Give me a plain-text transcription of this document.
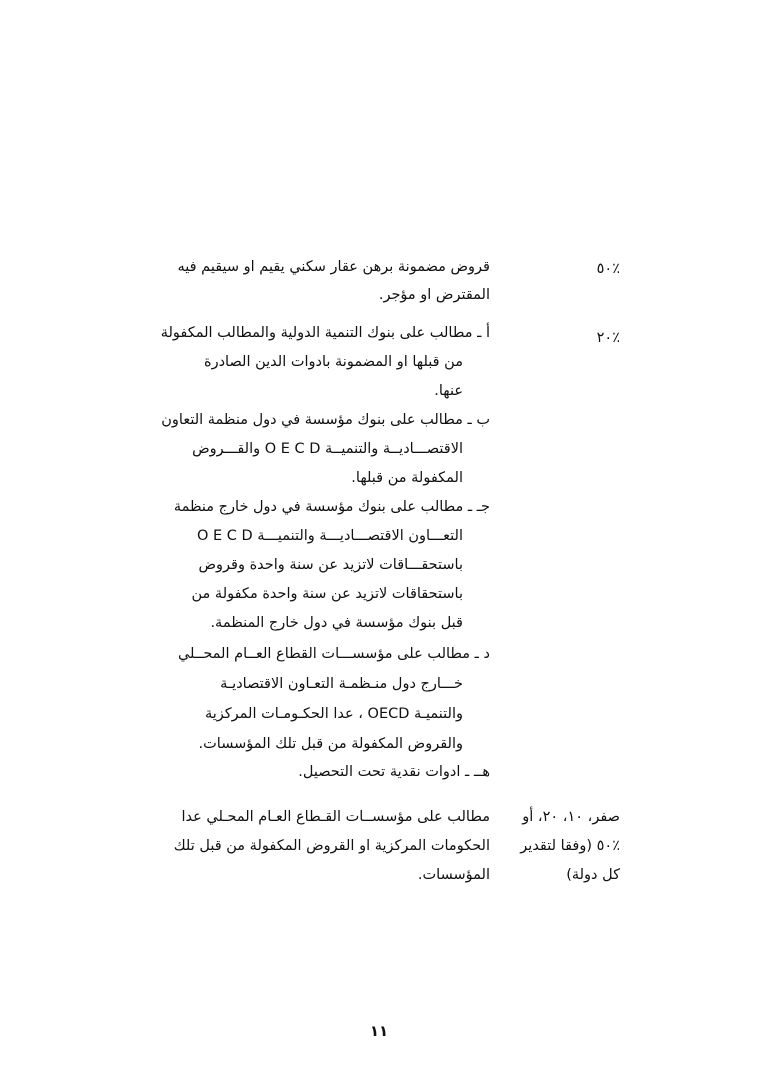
٪٥٠
قروض مضمونة برهن عقار سكني يقيم او سيقيم فيه
المقترض او مؤجر.
٪٢٠
أ ـ مطالب على بنوك التنمية الدولية والمطالب المكفولة
من قبلها او المضمونة بادوات الدين الصادرة
عنها.
ب ـ مطالب على بنوك مؤسسة في دول منظمة التعاون
الاقتصـــاديــة والتنميــة O E C D والقـــروض
المكفولة من قبلها.
جـ ـ مطالب على بنوك مؤسسة في دول خارج منظمة
التعـــاون الاقتصـــاديـــة والتنميـــة O E C D
باستحقـــاقات لاتزيد عن سنة واحدة وقروض
باستحقاقات لاتزيد عن سنة واحدة مكفولة من
قبل بنوك مؤسسة في دول خارج المنظمة.
د ـ مطالب على مؤسســـات القطاع العــام المحــلي
خـــارج دول منـظمـة التعـاون الاقتصاديـة
والتنميـة OECD ، عدا الحكـومـات المركزية
والقروض المكفولة من قبل تلك المؤسسات.
هــ ـ ادوات نقدية تحت التحصيل.
صفر، ١٠، ٢٠، أو
٪٥٠ (وفقا لتقدير
كل دولة)
مطالب على مؤسســات القـطاع العـام المحـلي عدا
الحكومات المركزية او القروض المكفولة من قبل تلك
المؤسسات.
١١
